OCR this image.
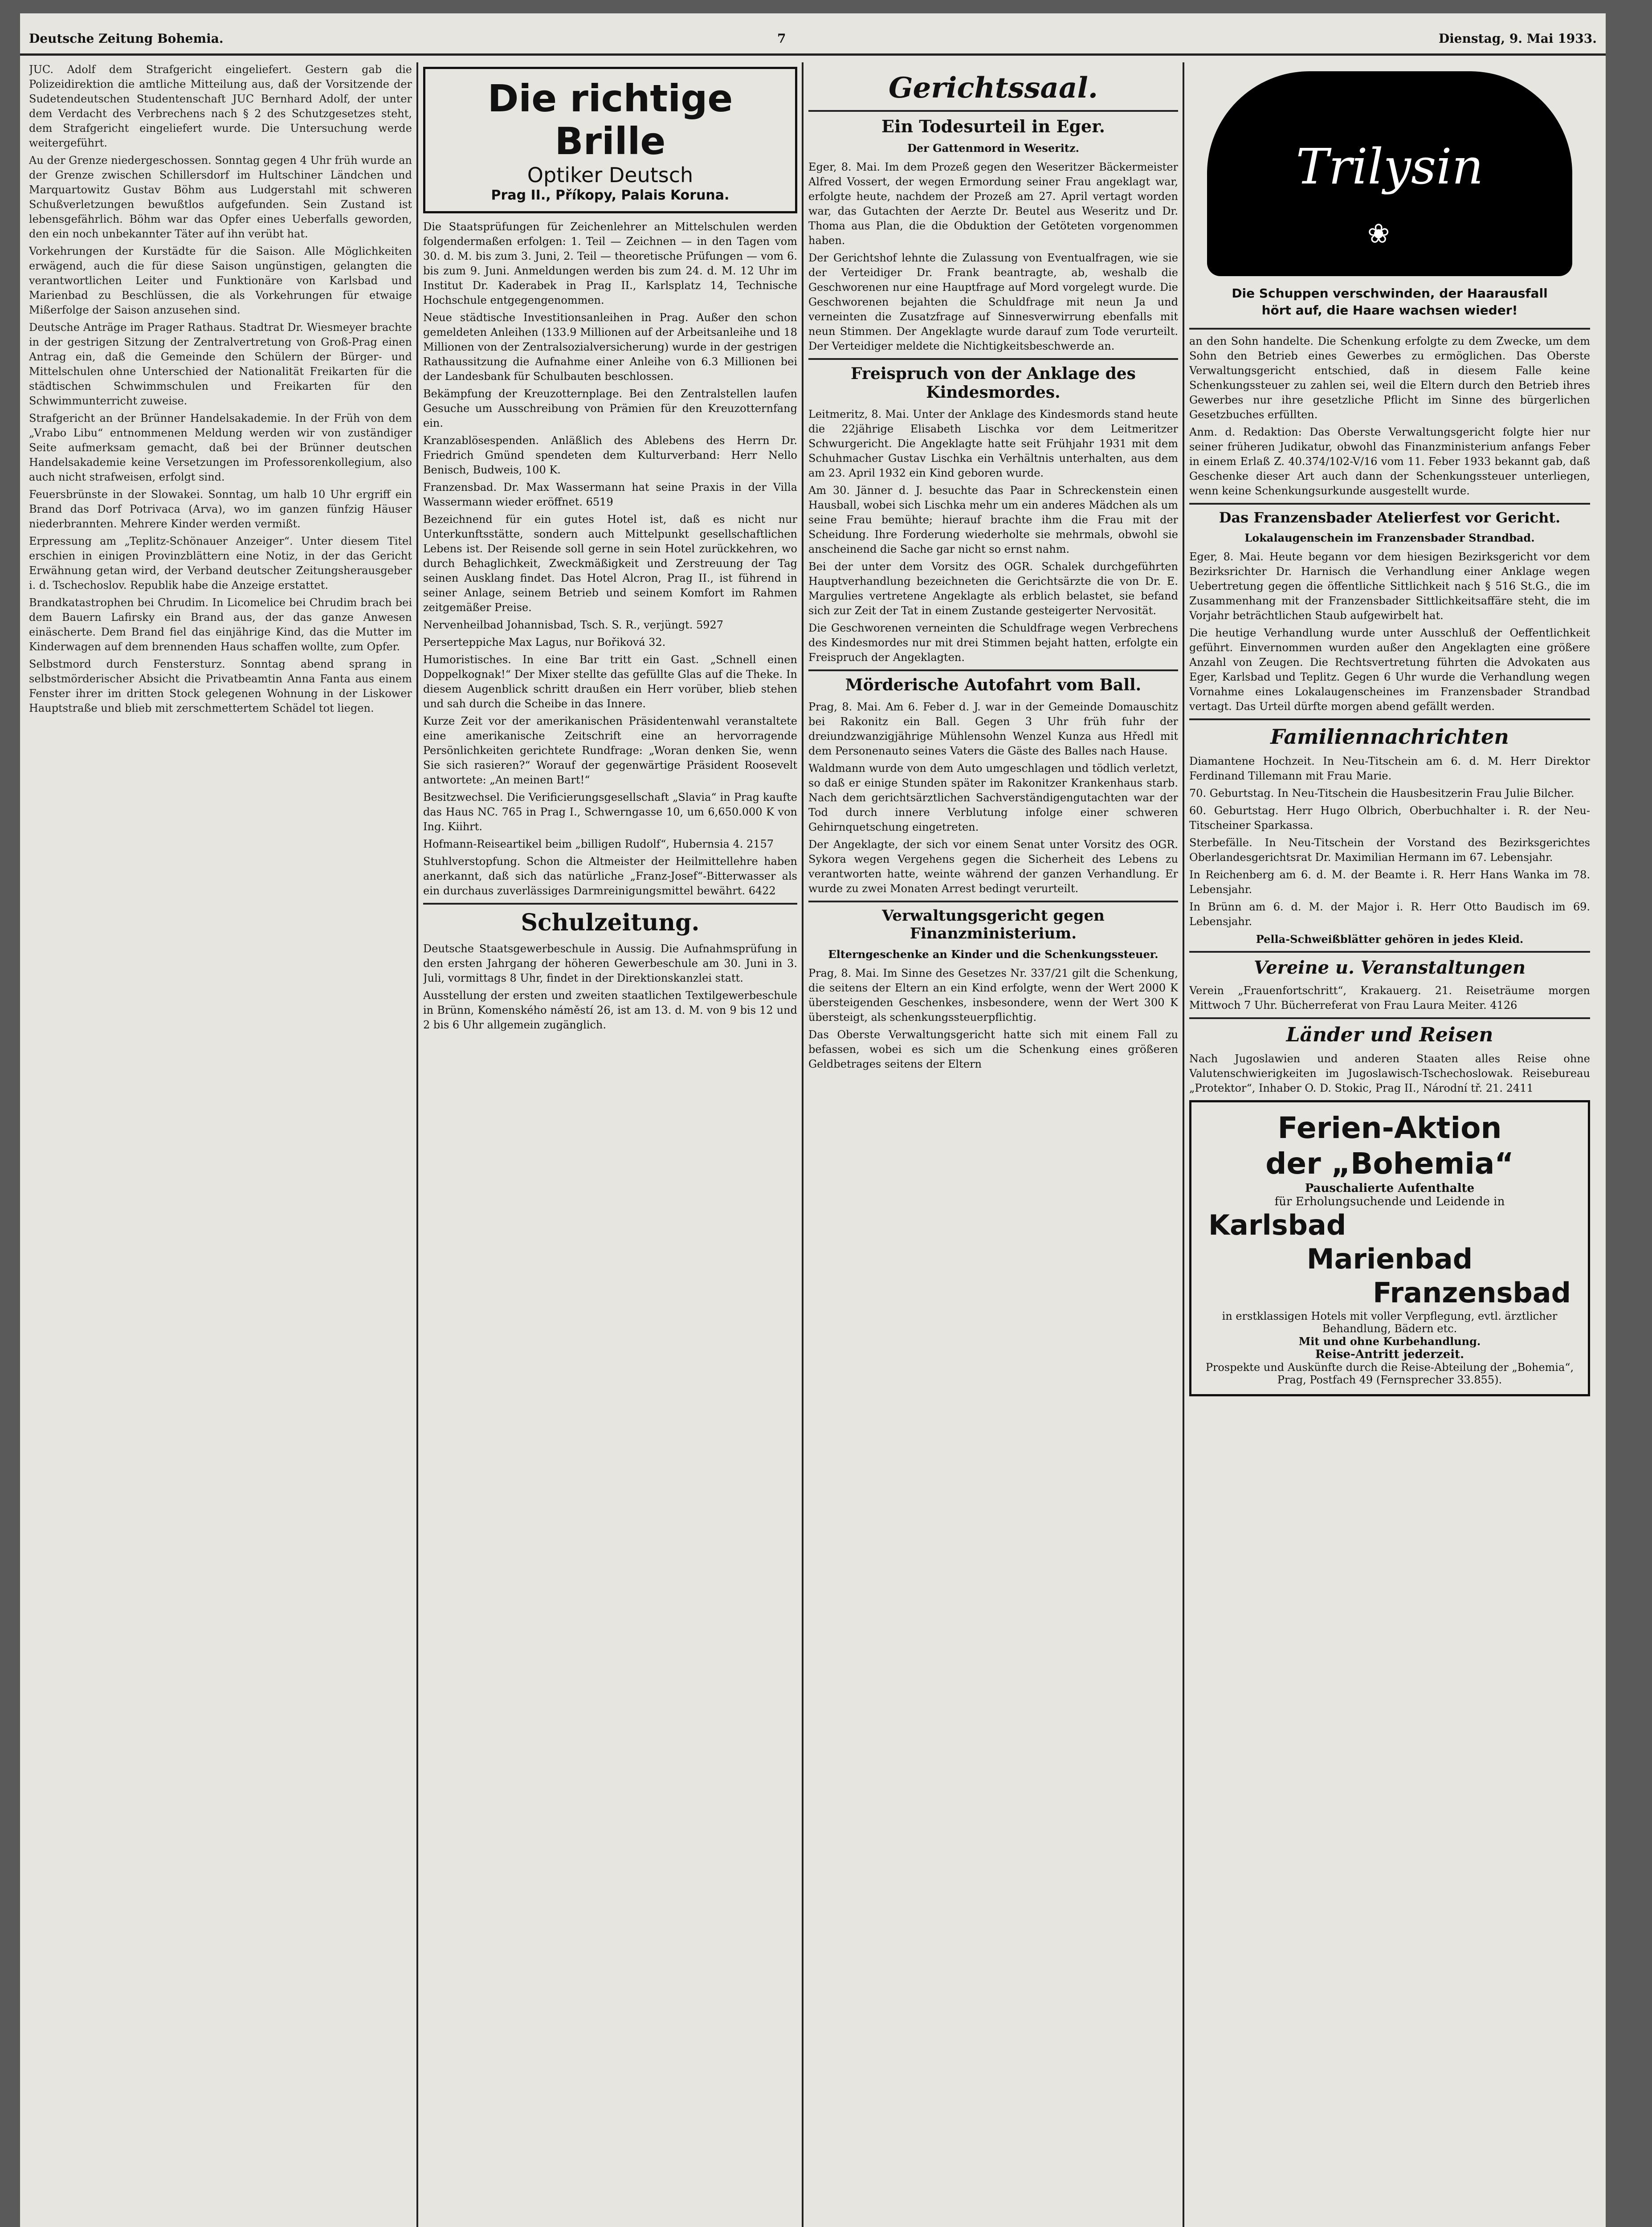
Deutsche Zeitung Bohemia.	7	Dienstag, 9. Mai 1933.

JUC. Adolf dem Strafgericht eingeliefert. Gestern gab die Polizeidirektion die amtliche Mitteilung aus, daß der Vorsitzende der Sudetendeutschen Studentenschaft JUC Bernhard Adolf, der unter dem Verdacht des Verbrechens nach § 2 des Schutzgesetzes steht, dem Strafgericht eingeliefert wurde. Die Untersuchung werde weitergeführt.

Au der Grenze niedergeschossen. Sonntag gegen 4 Uhr früh wurde an der Grenze zwischen Schillersdorf im Hultschiner Ländchen und Marquartowitz Gustav Böhm aus Ludgerstahl mit schweren Schußverletzungen bewußtlos aufgefunden. Sein Zustand ist lebensgefährlich. Böhm war das Opfer eines Ueberfalls geworden, den ein noch unbekannter Täter auf ihn verübt hat.

Vorkehrungen der Kurstädte für die Saison. Alle Möglichkeiten erwägend, auch die für diese Saison ungünstigen, gelangten die verantwortlichen Leiter und Funktionäre von Karlsbad und Marienbad zu Beschlüssen, die als Vorkehrungen für etwaige Mißerfolge der Saison anzusehen sind.

Deutsche Anträge im Prager Rathaus. Stadtrat Dr. Wiesmeyer brachte in der gestrigen Sitzung der Zentralvertretung von Groß-Prag einen Antrag ein, daß die Gemeinde den Schülern der Bürger- und Mittelschulen ohne Unterschied der Nationalität Freikarten für die städtischen Schwimmschulen und Freikarten für den Schwimmunterricht zuweise.

Strafgericht an der Brünner Handelsakademie. In der Früh von dem „Vrabo Libu“ entnommenen Meldung werden wir von zuständiger Seite aufmerksam gemacht, daß bei der Brünner deutschen Handelsakademie keine Versetzungen im Professorenkollegium, also auch nicht strafweisen, erfolgt sind.

Feuersbrünste in der Slowakei. Sonntag, um halb 10 Uhr ergriff ein Brand das Dorf Potrivaca (Arva), wo im ganzen fünfzig Häuser niederbrannten. Mehrere Kinder werden vermißt.

Erpressung am „Teplitz-Schönauer Anzeiger“. Unter diesem Titel erschien in einigen Provinzblättern eine Notiz, in der das Gericht Erwähnung getan wird, der Verband deutscher Zeitungsherausgeber i. d. Tschechoslov. Republik habe die Anzeige erstattet.

Brandkatastrophen bei Chrudim. In Licomelice bei Chrudim brach bei dem Bauern Lafirsky ein Brand aus, der das ganze Anwesen einäscherte. Dem Brand fiel das einjährige Kind, das die Mutter im Kinderwagen auf dem brennenden Haus schaffen wollte, zum Opfer.

Selbstmord durch Fenstersturz. Sonntag abend sprang in selbstmörderischer Absicht die Privatbeamtin Anna Fanta aus einem Fenster ihrer im dritten Stock gelegenen Wohnung in der Liskower Hauptstraße und blieb mit zerschmettertem Schädel tot liegen.

Die richtige Brille
Optiker Deutsch
Prag II., Příkopy, Palais Koruna.

Die Staatsprüfungen für Zeichenlehrer an Mittelschulen werden folgendermaßen erfolgen: 1. Teil — Zeichnen — in den Tagen vom 30. d. M. bis zum 3. Juni, 2. Teil — theoretische Prüfungen — vom 6. bis zum 9. Juni. Anmeldungen werden bis zum 24. d. M. 12 Uhr im Institut Dr. Kaderabek in Prag II., Karlsplatz 14, Technische Hochschule entgegengenommen.

Neue städtische Investitionsanleihen in Prag. Außer den schon gemeldeten Anleihen (133.9 Millionen auf der Arbeitsanleihe und 18 Millionen von der Zentralsozialversicherung) wurde in der gestrigen Rathaussitzung die Aufnahme einer Anleihe von 6.3 Millionen bei der Landesbank für Schulbauten beschlossen.

Bekämpfung der Kreuzotternplage. Bei den Zentralstellen laufen Gesuche um Ausschreibung von Prämien für den Kreuzotternfang ein.

Kranzablösespenden. Anläßlich des Ablebens des Herrn Dr. Friedrich Gmünd spendeten dem Kulturverband: Herr Nello Benisch, Budweis, 100 K.

Franzensbad. Dr. Max Wassermann hat seine Praxis in der Villa Wassermann wieder eröffnet. 6519

Bezeichnend für ein gutes Hotel ist, daß es nicht nur Unterkunftsstätte, sondern auch Mittelpunkt gesellschaftlichen Lebens ist. Der Reisende soll gerne in sein Hotel zurückkehren, wo durch Behaglichkeit, Zweckmäßigkeit und Zerstreuung der Tag seinen Ausklang findet. Das Hotel Alcron, Prag II., ist führend in seiner Anlage, seinem Betrieb und seinem Komfort im Rahmen zeitgemäßer Preise.

Nervenheilbad Johannisbad, Tsch. S. R., verjüngt. 5927

Perserteppiche Max Lagus, nur Bořiková 32.

Humoristisches. In eine Bar tritt ein Gast. „Schnell einen Doppelkognak!“ Der Mixer stellte das gefüllte Glas auf die Theke. In diesem Augenblick schritt draußen ein Herr vorüber, blieb stehen und sah durch die Scheibe in das Innere.

Kurze Zeit vor der amerikanischen Präsidentenwahl veranstaltete eine amerikanische Zeitschrift eine an hervorragende Persönlichkeiten gerichtete Rundfrage: „Woran denken Sie, wenn Sie sich rasieren?“ Worauf der gegenwärtige Präsident Roosevelt antwortete: „An meinen Bart!“

Besitzwechsel. Die Verificierungsgesellschaft „Slavia“ in Prag kaufte das Haus NC. 765 in Prag I., Schwerngasse 10, um 6,650.000 K von Ing. Kiihrt.

Hofmann-Reiseartikel beim „billigen Rudolf“, Hubernsia 4. 2157

Stuhlverstopfung. Schon die Altmeister der Heilmittellehre haben anerkannt, daß sich das natürliche „Franz-Josef“-Bitterwasser als ein durchaus zuverlässiges Darmreinigungsmittel bewährt. 6422

Schulzeitung.

Deutsche Staatsgewerbeschule in Aussig. Die Aufnahmsprüfung in den ersten Jahrgang der höheren Gewerbeschule am 30. Juni in 3. Juli, vormittags 8 Uhr, findet in der Direktionskanzlei statt.

Ausstellung der ersten und zweiten staatlichen Textilgewerbeschule in Brünn, Komenského náměstí 26, ist am 13. d. M. von 9 bis 12 und 2 bis 6 Uhr allgemein zugänglich.

Gerichtssaal.
Ein Todesurteil in Eger.
Der Gattenmord in Weseritz.

Eger, 8. Mai. Im dem Prozeß gegen den Weseritzer Bäckermeister Alfred Vossert, der wegen Ermordung seiner Frau angeklagt war, erfolgte heute, nachdem der Prozeß am 27. April vertagt worden war, das Gutachten der Aerzte Dr. Beutel aus Weseritz und Dr. Thoma aus Plan, die die Obduktion der Getöteten vorgenommen haben.

Der Gerichtshof lehnte die Zulassung von Eventualfragen, wie sie der Verteidiger Dr. Frank beantragte, ab, weshalb die Geschworenen nur eine Hauptfrage auf Mord vorgelegt wurde. Die Geschworenen bejahten die Schuldfrage mit neun Ja und verneinten die Zusatzfrage auf Sinnesverwirrung ebenfalls mit neun Stimmen. Der Angeklagte wurde darauf zum Tode verurteilt. Der Verteidiger meldete die Nichtigkeitsbeschwerde an.

Freispruch von der Anklage des Kindesmordes.

Leitmeritz, 8. Mai. Unter der Anklage des Kindesmords stand heute die 22jährige Elisabeth Lischka vor dem Leitmeritzer Schwurgericht. Die Angeklagte hatte seit Frühjahr 1931 mit dem Schuhmacher Gustav Lischka ein Verhältnis unterhalten, aus dem am 23. April 1932 ein Kind geboren wurde.

Am 30. Jänner d. J. besuchte das Paar in Schreckenstein einen Hausball, wobei sich Lischka mehr um ein anderes Mädchen als um seine Frau bemühte; hierauf brachte ihm die Frau mit der Scheidung. Ihre Forderung wiederholte sie mehrmals, obwohl sie anscheinend die Sache gar nicht so ernst nahm.

Bei der unter dem Vorsitz des OGR. Schalek durchgeführten Hauptverhandlung bezeichneten die Gerichtsärzte die von Dr. E. Margulies vertretene Angeklagte als erblich belastet, sie befand sich zur Zeit der Tat in einem Zustande gesteigerter Nervosität.

Die Geschworenen verneinten die Schuldfrage wegen Verbrechens des Kindesmordes nur mit drei Stimmen bejaht hatten, erfolgte ein Freispruch der Angeklagten.

Mörderische Autofahrt vom Ball.

Prag, 8. Mai. Am 6. Feber d. J. war in der Gemeinde Domauschitz bei Rakonitz ein Ball. Gegen 3 Uhr früh fuhr der dreiundzwanzigjährige Mühlensohn Wenzel Kunza aus Hředl mit dem Personenauto seines Vaters die Gäste des Balles nach Hause.

Waldmann wurde von dem Auto umgeschlagen und tödlich verletzt, so daß er einige Stunden später im Rakonitzer Krankenhaus starb. Nach dem gerichtsärztlichen Sachverständigengutachten war der Tod durch innere Verblutung infolge einer schweren Gehirnquetschung eingetreten.

Der Angeklagte, der sich vor einem Senat unter Vorsitz des OGR. Sykora wegen Vergehens gegen die Sicherheit des Lebens zu verantworten hatte, weinte während der ganzen Verhandlung. Er wurde zu zwei Monaten Arrest bedingt verurteilt.

Verwaltungsgericht gegen Finanzministerium.
Elterngeschenke an Kinder und die Schenkungssteuer.

Prag, 8. Mai. Im Sinne des Gesetzes Nr. 337/21 gilt die Schenkung, die seitens der Eltern an ein Kind erfolgte, wenn der Wert 2000 K übersteigenden Geschenkes, insbesondere, wenn der Wert 300 K übersteigt, als schenkungssteuerpflichtig.

Das Oberste Verwaltungsgericht hatte sich mit einem Fall zu befassen, wobei es sich um die Schenkung eines größeren Geldbetrages seitens der Eltern

Trilysin
❀
Die Schuppen verschwinden, der Haarausfall hört auf, die Haare wachsen wieder!

an den Sohn handelte. Die Schenkung erfolgte zu dem Zwecke, um dem Sohn den Betrieb eines Gewerbes zu ermöglichen. Das Oberste Verwaltungsgericht entschied, daß in diesem Falle keine Schenkungssteuer zu zahlen sei, weil die Eltern durch den Betrieb ihres Gewerbes nur ihre gesetzliche Pflicht im Sinne des bürgerlichen Gesetzbuches erfüllten.

Anm. d. Redaktion: Das Oberste Verwaltungsgericht folgte hier nur seiner früheren Judikatur, obwohl das Finanzministerium anfangs Feber in einem Erlaß Z. 40.374/102-V/16 vom 11. Feber 1933 bekannt gab, daß Geschenke dieser Art auch dann der Schenkungssteuer unterliegen, wenn keine Schenkungsurkunde ausgestellt wurde.

Das Franzensbader Atelierfest vor Gericht.
Lokalaugenschein im Franzensbader Strandbad.

Eger, 8. Mai. Heute begann vor dem hiesigen Bezirksgericht vor dem Bezirksrichter Dr. Harnisch die Verhandlung einer Anklage wegen Uebertretung gegen die öffentliche Sittlichkeit nach § 516 St.G., die im Zusammenhang mit der Franzensbader Sittlichkeitsaffäre steht, die im Vorjahr beträchtlichen Staub aufgewirbelt hat.

Die heutige Verhandlung wurde unter Ausschluß der Oeffentlichkeit geführt. Einvernommen wurden außer den Angeklagten eine größere Anzahl von Zeugen. Die Rechtsvertretung führten die Advokaten aus Eger, Karlsbad und Teplitz. Gegen 6 Uhr wurde die Verhandlung wegen Vornahme eines Lokalaugenscheines im Franzensbader Strandbad vertagt. Das Urteil dürfte morgen abend gefällt werden.

Familiennachrichten

Diamantene Hochzeit. In Neu-Titschein am 6. d. M. Herr Direktor Ferdinand Tillemann mit Frau Marie.

70. Geburtstag. In Neu-Titschein die Hausbesitzerin Frau Julie Bilcher.

60. Geburtstag. Herr Hugo Olbrich, Oberbuchhalter i. R. der Neu-Titscheiner Sparkassa.

Sterbefälle. In Neu-Titschein der Vorstand des Bezirksgerichtes Oberlandesgerichtsrat Dr. Maximilian Hermann im 67. Lebensjahr.

In Reichenberg am 6. d. M. der Beamte i. R. Herr Hans Wanka im 78. Lebensjahr.

In Brünn am 6. d. M. der Major i. R. Herr Otto Baudisch im 69. Lebensjahr.

Pella-Schweißblätter gehören in jedes Kleid.

Vereine u. Veranstaltungen

Verein „Frauenfortschritt“, Krakauerg. 21. Reiseträume morgen Mittwoch 7 Uhr. Bücherreferat von Frau Laura Meiter. 4126

Länder und Reisen

Nach Jugoslawien und anderen Staaten alles Reise ohne Valutenschwierigkeiten im Jugoslawisch-Tschechoslowak. Reisebureau „Protektor“, Inhaber O. D. Stokic, Prag II., Národní tř. 21. 2411

Ferien-Aktion
der „Bohemia“
Pauschalierte Aufenthalte
für Erholungsuchende und Leidende in
Karlsbad
Marienbad
Franzensbad
in erstklassigen Hotels mit voller Verpflegung, evtl. ärztlicher Behandlung, Bädern etc.
Mit und ohne Kurbehandlung.
Reise-Antritt jederzeit.
Prospekte und Auskünfte durch die Reise-Abteilung der „Bohemia“, Prag, Postfach 49 (Fernsprecher 33.855).
